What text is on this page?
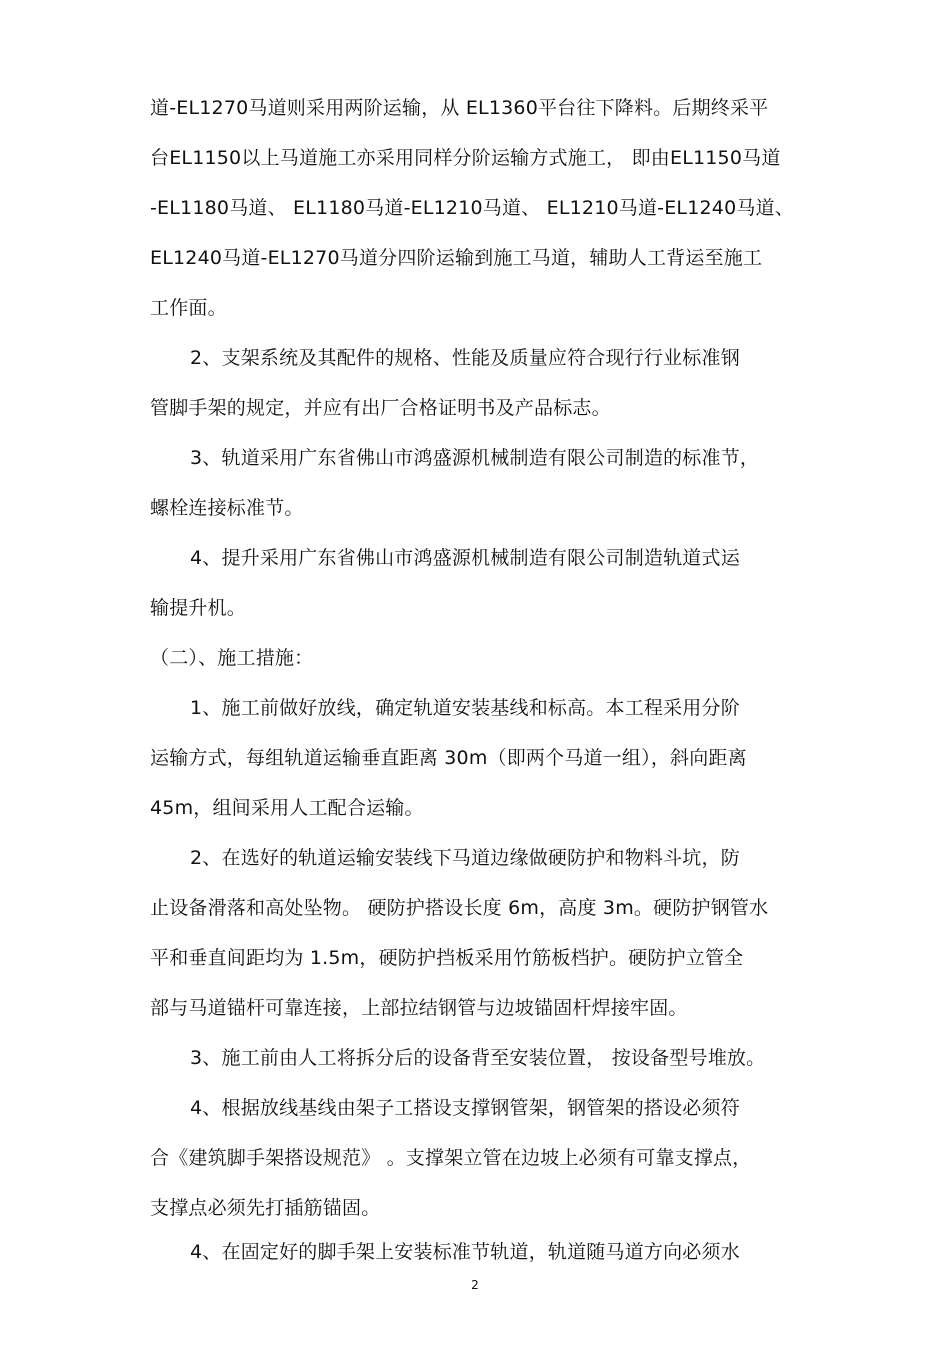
道-EL1270马道则采用两阶运输，从 EL1360平台往下降料。后期终采平
台EL1150以上马道施工亦采用同样分阶运输方式施工， 即由EL1150马道
-EL1180马道、 EL1180马道-EL1210马道、 EL1210马道-EL1240马道、
EL1240马道-EL1270马道分四阶运输到施工马道，辅助人工背运至施工
工作面。
2、支架系统及其配件的规格、性能及质量应符合现行行业标准钢
管脚手架的规定，并应有出厂合格证明书及产品标志。
3、轨道采用广东省佛山市鸿盛源机械制造有限公司制造的标准节，
螺栓连接标准节。
4、提升采用广东省佛山市鸿盛源机械制造有限公司制造轨道式运
输提升机。
（二）、施工措施：
1、施工前做好放线，确定轨道安装基线和标高。本工程采用分阶
运输方式，每组轨道运输垂直距离 30m（即两个马道一组），斜向距离
45m，组间采用人工配合运输。
2、在选好的轨道运输安装线下马道边缘做硬防护和物料斗坑，防
止设备滑落和高处坠物。 硬防护搭设长度 6m，高度 3m。硬防护钢管水
平和垂直间距均为 1.5m，硬防护挡板采用竹筋板档护。硬防护立管全
部与马道锚杆可靠连接，上部拉结钢管与边坡锚固杆焊接牢固。
3、施工前由人工将拆分后的设备背至安装位置， 按设备型号堆放。
4、根据放线基线由架子工搭设支撑钢管架，钢管架的搭设必须符
合《建筑脚手架搭设规范》 。支撑架立管在边坡上必须有可靠支撑点，
支撑点必须先打插筋锚固。
4、在固定好的脚手架上安装标准节轨道，轨道随马道方向必须水
2
